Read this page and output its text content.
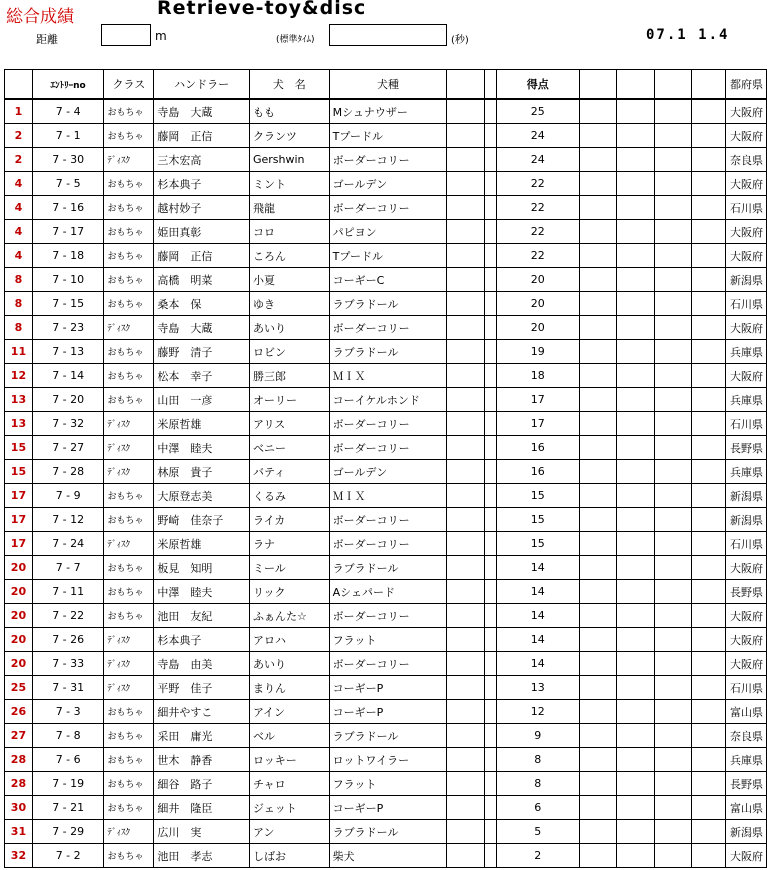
総合成績	Retrieve-toy&disc
07.1 1.4
距離	m	(標準ﾀｲﾑ)	(秒)
	ｴﾝﾄﾘｰno	クラス	ハンドラー	犬　名	犬種			得点					都府県
1	7 - 4	おもちゃ	寺島　大蔵	もも	Mシュナウザー			25					大阪府
2	7 - 1	おもちゃ	藤岡　正信	クランツ	Tプードル			24					大阪府
2	7 - 30	ﾃﾞｨｽｸ	三木宏高	Gershwin	ボーダーコリー			24					奈良県
4	7 - 5	おもちゃ	杉本典子	ミント	ゴールデン			22					大阪府
4	7 - 16	おもちゃ	越村妙子	飛龍	ボーダーコリー			22					石川県
4	7 - 17	おもちゃ	姫田真彰	コロ	パピヨン			22					大阪府
4	7 - 18	おもちゃ	藤岡　正信	ころん	Tプードル			22					大阪府
8	7 - 10	おもちゃ	高橋　明菜	小夏	コーギーC			20					新潟県
8	7 - 15	おもちゃ	桑本　保	ゆき	ラブラドール			20					石川県
8	7 - 23	ﾃﾞｨｽｸ	寺島　大蔵	あいり	ボーダーコリー			20					大阪府
11	7 - 13	おもちゃ	藤野　清子	ロビン	ラブラドール			19					兵庫県
12	7 - 14	おもちゃ	松本　幸子	勝三郎	ＭＩＸ			18					大阪府
13	7 - 20	おもちゃ	山田　一彦	オーリー	コーイケルホンド			17					兵庫県
13	7 - 32	ﾃﾞｨｽｸ	米原哲雄	アリス	ボーダーコリー			17					石川県
15	7 - 27	ﾃﾞｨｽｸ	中澤　睦夫	ベニー	ボーダーコリー			16					長野県
15	7 - 28	ﾃﾞｨｽｸ	林原　貴子	バティ	ゴールデン			16					兵庫県
17	7 - 9	おもちゃ	大原登志美	くるみ	ＭＩＸ			15					新潟県
17	7 - 12	おもちゃ	野崎　佳奈子	ライカ	ボーダーコリー			15					新潟県
17	7 - 24	ﾃﾞｨｽｸ	米原哲雄	ラナ	ボーダーコリー			15					石川県
20	7 - 7	おもちゃ	板見　知明	ミール	ラブラドール			14					大阪府
20	7 - 11	おもちゃ	中澤　睦夫	リック	Aシェパード			14					長野県
20	7 - 22	おもちゃ	池田　友紀	ふぁんた☆	ボーダーコリー			14					大阪府
20	7 - 26	ﾃﾞｨｽｸ	杉本典子	アロハ	フラット			14					大阪府
20	7 - 33	ﾃﾞｨｽｸ	寺島　由美	あいり	ボーダーコリー			14					大阪府
25	7 - 31	ﾃﾞｨｽｸ	平野　佳子	まりん	コーギーP			13					石川県
26	7 - 3	おもちゃ	細井やすこ	アイン	コーギーP			12					富山県
27	7 - 8	おもちゃ	采田　庸光	ベル	ラブラドール			9					奈良県
28	7 - 6	おもちゃ	世木　静香	ロッキー	ロットワイラー			8					兵庫県
28	7 - 19	おもちゃ	細谷　路子	チャロ	フラット			8					長野県
30	7 - 21	おもちゃ	細井　隆臣	ジェット	コーギーP			6					富山県
31	7 - 29	ﾃﾞｨｽｸ	広川　実	アン	ラブラドール			5					新潟県
32	7 - 2	おもちゃ	池田　孝志	しばお	柴犬			2					大阪府
